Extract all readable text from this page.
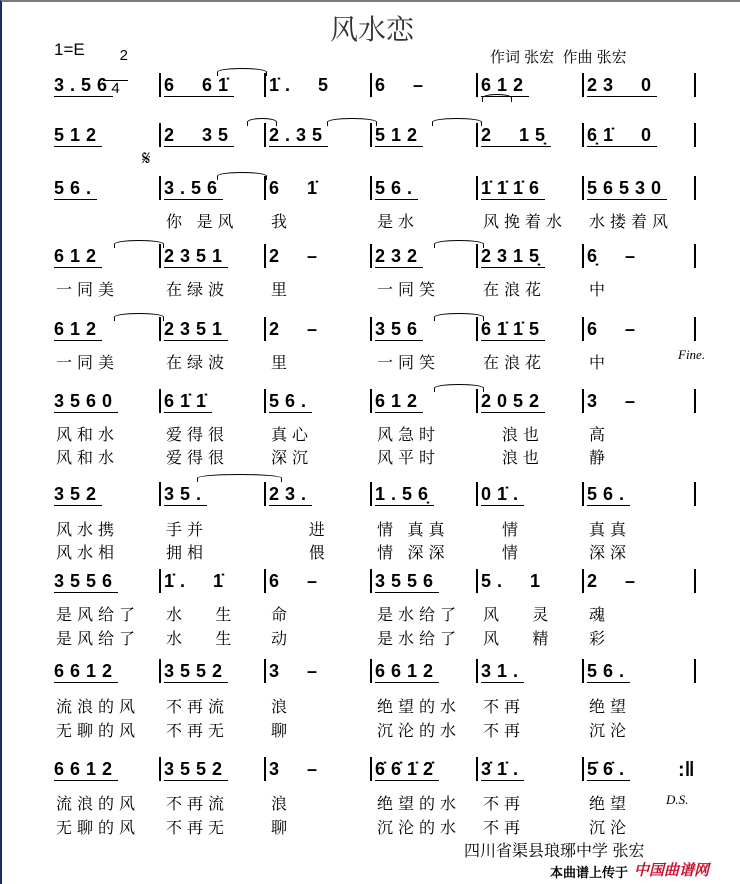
风水恋
$1=E \frac{2}{4}$

	作词 张宏  作曲 张宏
𝄋
Fine.
D.S.
:‖
3.56	6  61̇ 1̇.  5 6  –	612	23  0
512	2  35 2.35	512	2  15̣ 6̣1̇  0
56.	3.56	6  1̇	56.	1̇1̇1̇6 56530
你 是风 我	是水	风挽着水 水搂着风
612	2351 2  –	232	2315̣ 6̣  –
一同美	在绿波	里	一同笑	在浪花	中
612	2351 2  –	356	61̇1̇5 6  –
一同美	在绿波	里	一同笑	在浪花	中
3560	61̇1̇	56.	612	2052 3  –
风和水	爱得很	真心	风急时	浪也	高
风和水	爱得很	深沉	风平时	浪也	静
352	35.	23.	1.56̣	01̇.	56.
风水携	手并	进	情 真真 情	真真
风水相	拥相	偎	情 深深 情	深深
3556	1̇.  1̇ 6  –	3556 5.  1 2  –
是风给了 水   生 命	是水给了 风   灵 魂
是风给了 水   生 动	是水给了 风   精 彩
6612	3552 3  –	6612 31.	56.
流浪的风 不再流	浪	绝望的水 不再	绝望
无聊的风 不再无	聊	沉沦的水 不再	沉沦
6612	3552 3  –	6̇6̇1̇2̇ 3̇1̇.	5̇6̇.
流浪的风 不再流	浪	绝望的水 不再	绝望
无聊的风 不再无	聊	沉沦的水 不再	沉沦
四川省渠县琅琊中学 张宏
本曲谱上传于 中国曲谱网
